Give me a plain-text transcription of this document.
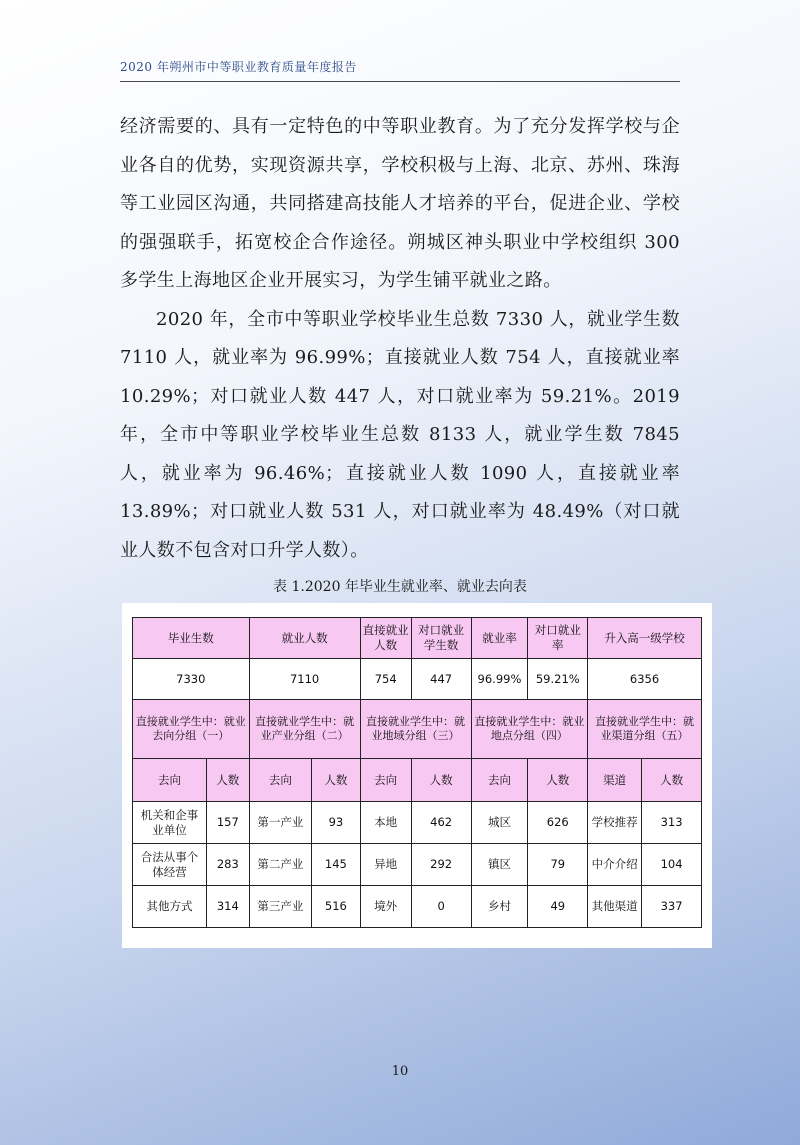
2020 年朔州市中等职业教育质量年度报告

经济需要的、具有一定特色的中等职业教育。为了充分发挥学校与企业各自的优势，实现资源共享，学校积极与上海、北京、苏州、珠海等工业园区沟通，共同搭建高技能人才培养的平台，促进企业、学校的强强联手，拓宽校企合作途径。朔城区神头职业中学校组织 300 多学生上海地区企业开展实习，为学生铺平就业之路。

2020 年，全市中等职业学校毕业生总数 7330 人，就业学生数 7110 人，就业率为 96.99%；直接就业人数 754 人，直接就业率 10.29%；对口就业人数 447 人，对口就业率为 59.21%。2019 年，全市中等职业学校毕业生总数 8133 人，就业学生数 7845 人，就业率为 96.46%；直接就业人数 1090 人，直接就业率 13.89%；对口就业人数 531 人，对口就业率为 48.49%（对口就业人数不包含对口升学人数）。

表 1.2020 年毕业生就业率、就业去向表
毕业生数		就业人数		直接就业人数	对口就业学生数	就业率	对口就业率	升入高一级学校	
7330		7110		754	447	96.99%	59.21%	6356	
直接就业学生中：就业去向分组（一）		直接就业学生中：就业产业分组（二）		直接就业学生中：就业地域分组（三）		直接就业学生中：就业地点分组（四）		直接就业学生中：就业渠道分组（五）	
去向	人数	去向	人数	去向	人数	去向	人数	渠道	人数
机关和企事业单位	157	第一产业	93	本地	462	城区	626	学校推荐	313
合法从事个体经营	283	第二产业	145	异地	292	镇区	79	中介介绍	104
其他方式	314	第三产业	516	境外	0	乡村	49	其他渠道	337
10
